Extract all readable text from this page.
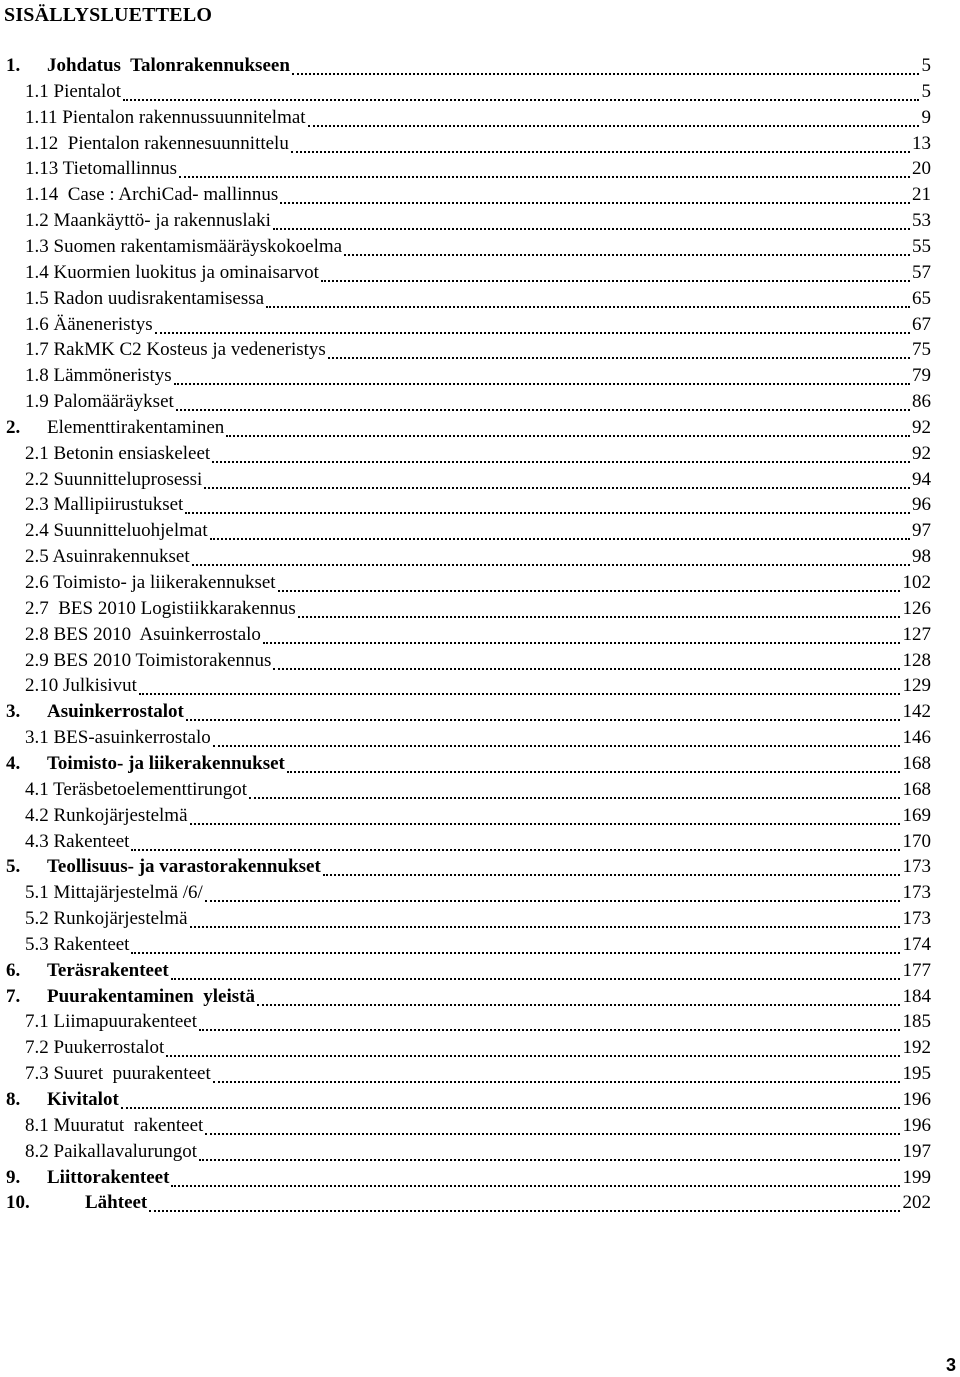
SISÄLLYSLUETTELO
1. Johdatus  Talonrakennukseen	5
1.1 Pientalot	5
1.11 Pientalon rakennussuunnitelmat	9
1.12  Pientalon rakennesuunnittelu	13
1.13 Tietomallinnus	20
1.14  Case : ArchiCad- mallinnus	21
1.2 Maankäyttö- ja rakennuslaki	53
1.3 Suomen rakentamismääräyskokoelma	55
1.4 Kuormien luokitus ja ominaisarvot	57
1.5 Radon uudisrakentamisessa	65
1.6 Ääneneristys	67
1.7 RakMK C2 Kosteus ja vedeneristys	75
1.8 Lämmöneristys	79
1.9 Palomääräykset	86
2. Elementtirakentaminen	92
2.1 Betonin ensiaskeleet	92
2.2 Suunnitteluprosessi	94
2.3 Mallipiirustukset	96
2.4 Suunnitteluohjelmat	97
2.5 Asuinrakennukset	98
2.6 Toimisto- ja liikerakennukset	102
2.7  BES 2010 Logistiikkarakennus	126
2.8 BES 2010  Asuinkerrostalo	127
2.9 BES 2010 Toimistorakennus	128
2.10 Julkisivut	129
3. Asuinkerrostalot	142
3.1 BES-asuinkerrostalo	146
4. Toimisto- ja liikerakennukset	168
4.1 Teräsbetoelementtirungot	168
4.2 Runkojärjestelmä	169
4.3 Rakenteet	170
5. Teollisuus- ja varastorakennukset	173
5.1 Mittajärjestelmä /6/	173
5.2 Runkojärjestelmä	173
5.3 Rakenteet	174
6. Teräsrakenteet	177
7. Puurakentaminen  yleistä	184
7.1 Liimapuurakenteet	185
7.2 Puukerrostalot	192
7.3 Suuret  puurakenteet	195
8. Kivitalot	196
8.1 Muuratut  rakenteet	196
8.2 Paikallavalurungot	197
9. Liittorakenteet	199
10.	Lähteet	202
3
